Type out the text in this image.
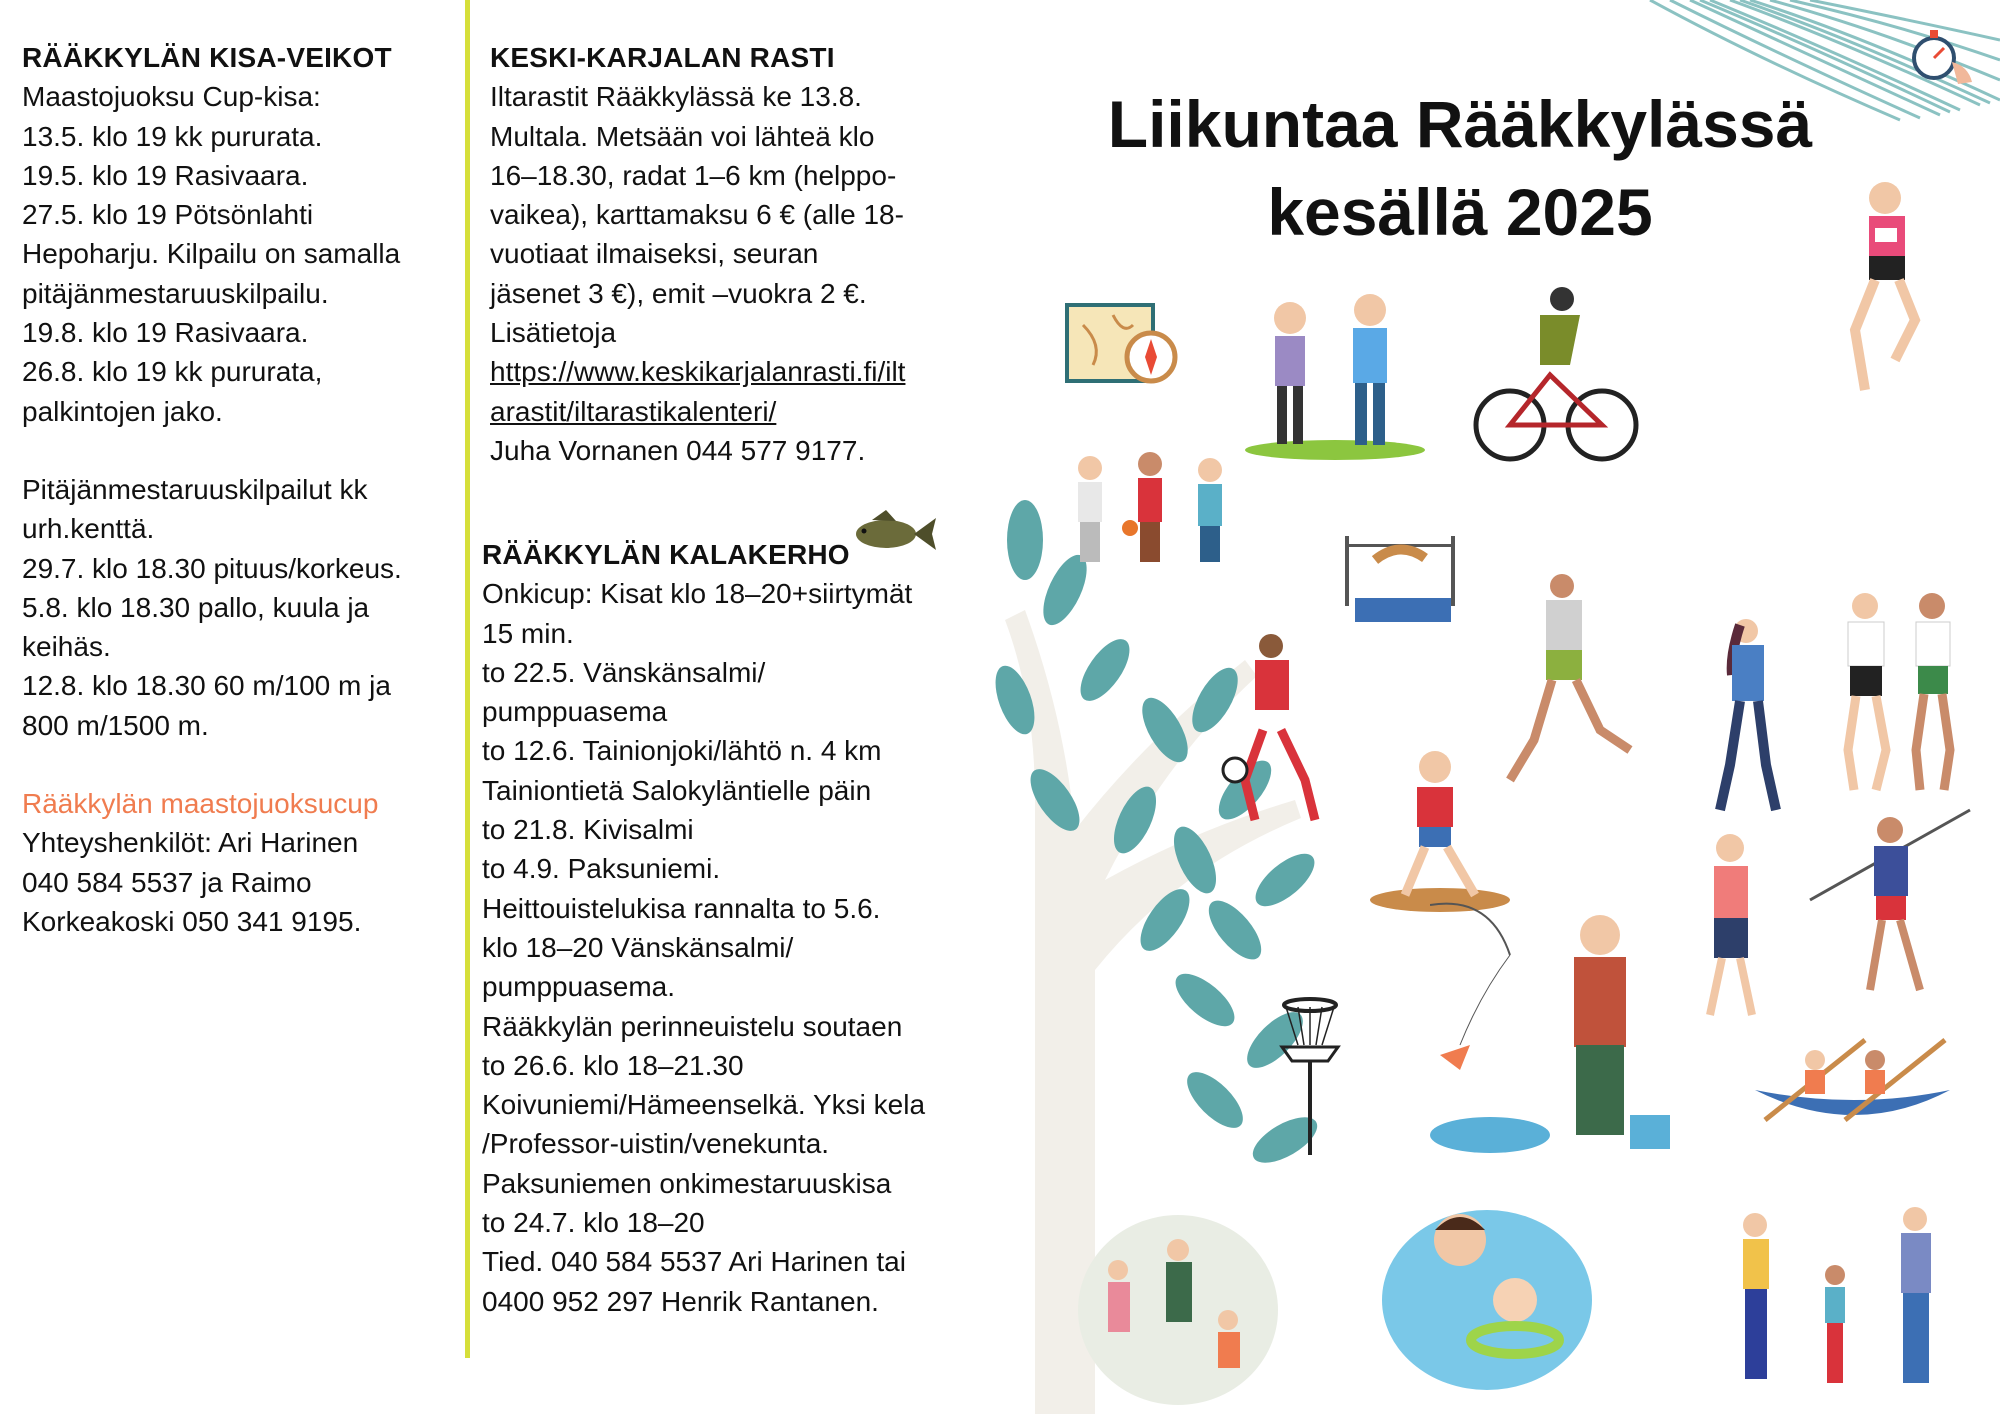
RÄÄKKYLÄN KISA-VEIKOT

Maastojuoksu Cup-kisa:

13.5. klo 19 kk pururata.

19.5. klo 19 Rasivaara.

27.5. klo 19 Pötsönlahti

Hepoharju. Kilpailu on samalla

pitäjänmestaruuskilpailu.

19.8. klo 19 Rasivaara.

26.8. klo 19 kk pururata,

palkintojen jako.

Pitäjänmestaruuskilpailut kk

urh.kenttä.

29.7. klo 18.30 pituus/korkeus.

5.8. klo 18.30 pallo, kuula ja

keihäs.

12.8. klo 18.30 60 m/100 m ja

800 m/1500 m.

Rääkkylän maastojuoksucup

Yhteyshenkilöt: Ari Harinen

040 584 5537 ja Raimo

Korkeakoski 050 341 9195.

KESKI-KARJALAN RASTI

Iltarastit Rääkkylässä ke 13.8.

Multala. Metsään voi lähteä klo

16–18.30, radat 1–6 km (helppo-

vaikea), karttamaksu 6 € (alle 18-

vuotiaat ilmaiseksi, seuran

jäsenet 3 €), emit –vuokra 2 €.

Lisätietoja

https://www.keskikarjalanrasti.fi/ilt

arastit/iltarastikalenteri/

Juha Vornanen 044 577 9177.

RÄÄKKYLÄN KALAKERHO

Onkicup: Kisat klo 18–20+siirtymät

15 min.

to 22.5. Vänskänsalmi/

pumppuasema

to 12.6. Tainionjoki/lähtö n. 4 km

Tainiontietä Salokyläntielle päin

to 21.8. Kivisalmi

to 4.9. Paksuniemi.

Heittouistelukisa rannalta to 5.6.

klo 18–20 Vänskänsalmi/

pumppuasema.

Rääkkylän perinneuistelu soutaen

to 26.6. klo 18–21.30

Koivuniemi/Hämeenselkä. Yksi kela

/Professor-uistin/venekunta.

Paksuniemen onkimestaruuskisa

to 24.7. klo 18–20

Tied. 040 584 5537 Ari Harinen tai

0400 952 297 Henrik Rantanen.

Liikuntaa Rääkkylässä
kesällä 2025
